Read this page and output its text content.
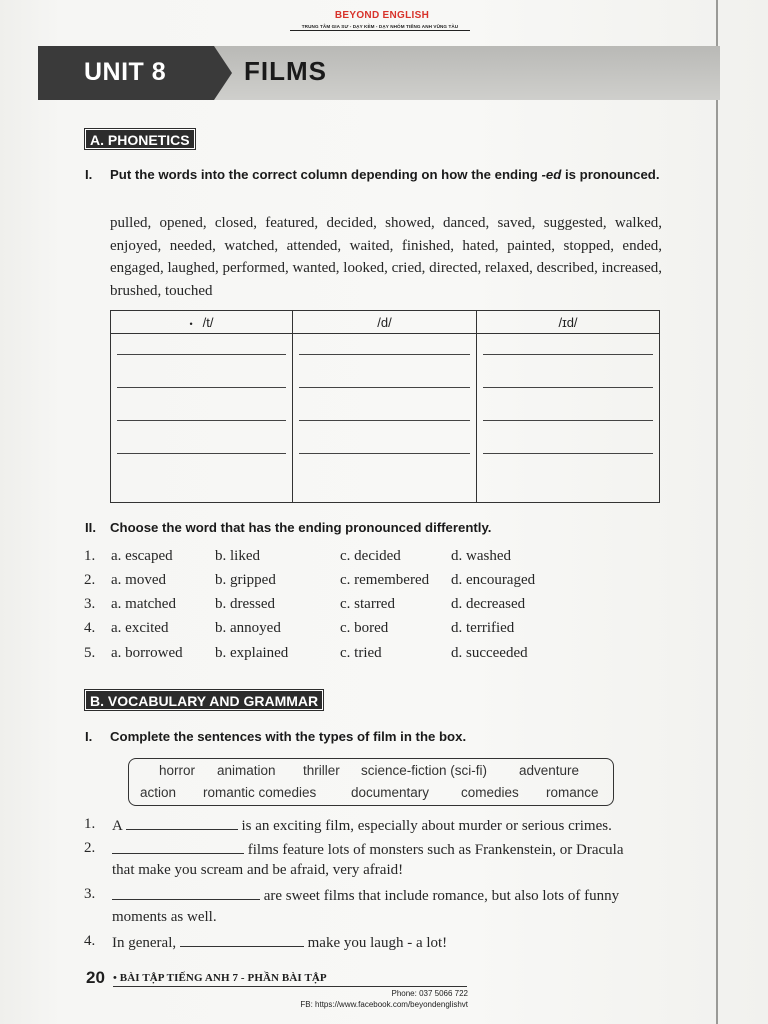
BEYOND ENGLISH
TRUNG TÂM GIA SƯ - DẠY KÈM - DẠY NHÓM TIẾNG ANH VŨNG TÀU
UNIT 8	FILMS
A. PHONETICS
I. Put the words into the correct column depending on how the ending -ed is pronounced.
pulled, opened, closed, featured, decided, showed, danced, saved, suggested, walked, enjoyed, needed, watched, attended, waited, finished, hated, painted, stopped, ended, engaged, laughed, performed, wanted, looked, cried, directed, relaxed, described, increased, brushed, touched
• /t/	/d/	/ɪd/

II. Choose the word that has the ending pronounced differently.
1. a. escaped	b. liked	c. decided	d. washed
2. a. moved	b. gripped	c. remembered d. encouraged
3. a. matched	b. dressed	c. starred	d. decreased
4. a. excited	b. annoyed	c. bored	d. terrified
5. a. borrowed b. explained	c. tried	d. succeeded
B. VOCABULARY AND GRAMMAR
I. Complete the sentences with the types of film in the box.
horror animation thriller science-fiction (sci-fi) adventure
action romantic comedies	documentary comedies romance
1. A	is an exciting film, especially about murder or serious crimes.
2.	films feature lots of monsters such as Frankenstein, or Dracula
that make you scream and be afraid, very afraid!
3.	are sweet films that include romance, but also lots of funny
moments as well.
4. In general,	make you laugh - a lot!
20 • BÀI TẬP TIẾNG ANH 7 - PHẦN BÀI TẬP
Phone: 037 5066 722
FB: https://www.facebook.com/beyondenglishvt
